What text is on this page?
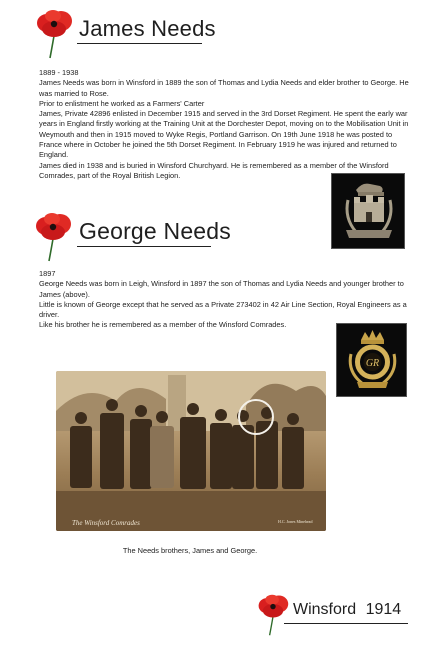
James Needs

1889 - 1938

James Needs was born in Winsford in 1889 the son of Thomas and Lydia Needs and elder brother to George. He was married to Rose.

Prior to enlistment he worked as a Farmers' Carter

James, Private 42896 enlisted in December 1915 and served in the 3rd Dorset Regiment. He spent the early war years in England firstly working at the Training Unit at the Dorchester Depot, moving on to the Mobilisation Unit in Weymouth and then in 1915 moved to Wyke Regis, Portland Garrison. On 19th June 1918 he was posted to France where in October he joined the 5th Dorset Regiment. In February 1919 he was injured and returned to England.

James died in 1938 and is buried in Winsford Churchyard. He is remembered as a member of the Winsford Comrades, part of the Royal British Legion.

George Needs

1897

George Needs was born in Leigh, Winsford in 1897 the son of Thomas and Lydia Needs and younger brother to James (above).

Little is known of George except that he served as a Private 273402 in 42 Air Line Section, Royal Engineers as a driver.

Like his brother he is remembered as a member of the Winsford Comrades.

GR
The Winsford Comrades	H.C. Jones Minehead
The Needs brothers, James and George.
Winsford 1914
